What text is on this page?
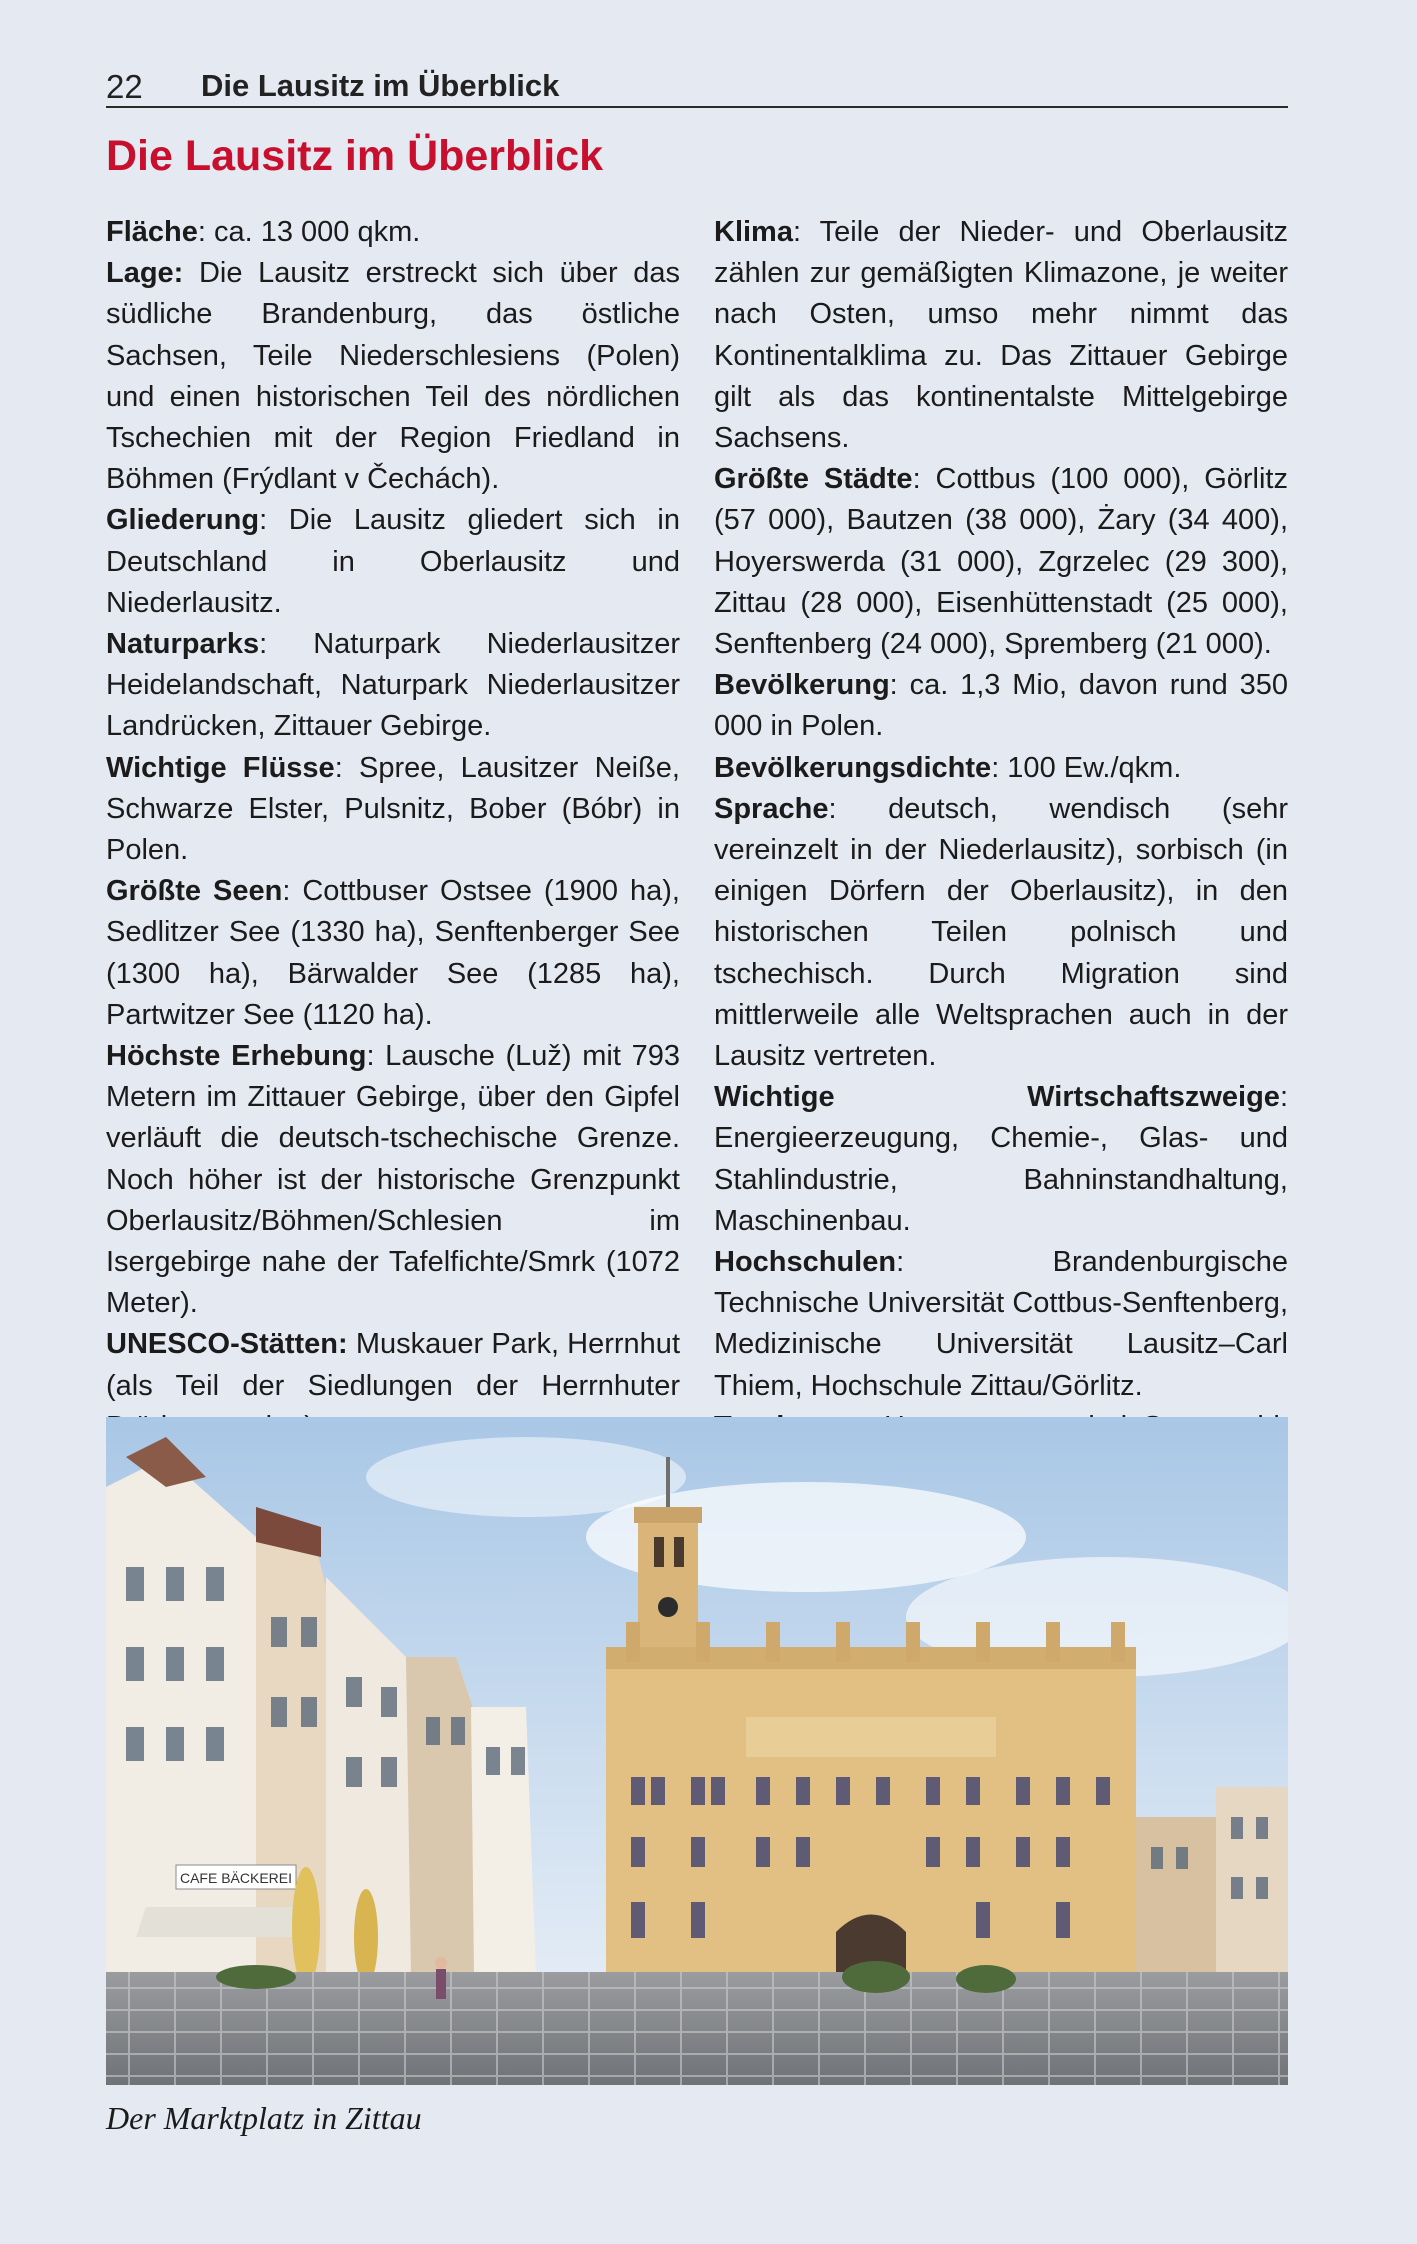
22 Die Lausitz im Überblick
Die Lausitz im Überblick

Fläche: ca. 13 000 qkm.

Lage: Die Lausitz erstreckt sich über das südliche Brandenburg, das östliche Sachsen, Teile Niederschlesiens (Polen) und einen historischen Teil des nördlichen Tschechien mit der Region Friedland in Böhmen (Frýdlant v Čechách).

Gliederung: Die Lausitz gliedert sich in Deutschland in Oberlausitz und Niederlausitz.

Naturparks: Naturpark Niederlausitzer Heidelandschaft, Naturpark Niederlausitzer Landrücken, Zittauer Gebirge.

Wichtige Flüsse: Spree, Lausitzer Neiße, Schwarze Elster, Pulsnitz, Bober (Bóbr) in Polen.

Größte Seen: Cottbuser Ostsee (1900 ha), Sedlitzer See (1330 ha), Senftenberger See (1300 ha), Bärwalder See (1285 ha), Partwitzer See (1120 ha).

Höchste Erhebung: Lausche (Luž) mit 793 Metern im Zittauer Gebirge, über den Gipfel verläuft die deutsch-tschechische Grenze. Noch höher ist der historische Grenzpunkt Oberlausitz/Böhmen/Schlesien im Isergebirge nahe der Tafelfichte/Smrk (1072 Meter).

UNESCO-Stätten: Muskauer Park, Herrnhut (als Teil der Siedlungen der Herrnhuter

Klima: Teile der Nieder- und Oberlausitz zählen zur gemäßigten Klimazone, je weiter nach Osten, umso mehr nimmt das Kontinentalklima zu. Das Zittauer Gebirge gilt als das kontinentalste Mittelgebirge Sachsens.

Größte Städte: Cottbus (100 000), Görlitz (57 000), Bautzen (38 000), Żary (34 400), Hoyerswerda (31 000), Zgrzelec (29 300), Zittau (28 000), Eisenhüttenstadt (25 000), Senftenberg (24 000), Spremberg (21 000).

Bevölkerung: ca. 1,3 Mio, davon rund 350 000 in Polen.

Bevölkerungsdichte: 100 Ew./qkm.

Sprache: deutsch, wendisch (sehr vereinzelt in der Niederlausitz), sorbisch (in einigen Dörfern der Oberlausitz), in den historischen Teilen polnisch und tschechisch. Durch Migration sind mittlerweile alle Weltsprachen auch in der Lausitz vertreten.

Wichtige Wirtschaftszweige: Energieerzeugung, Chemie-, Glas- und Stahlindustrie, Bahninstandhaltung, Maschinenbau.

Hochschulen: Brandenburgische Technische Universität Cottbus-Senftenberg, Medizinische Universität Lausitz–Carl Thiem, Hochschule Zittau/Görlitz.

CAFE BÄCKEREI
Der Marktplatz in Zittau
